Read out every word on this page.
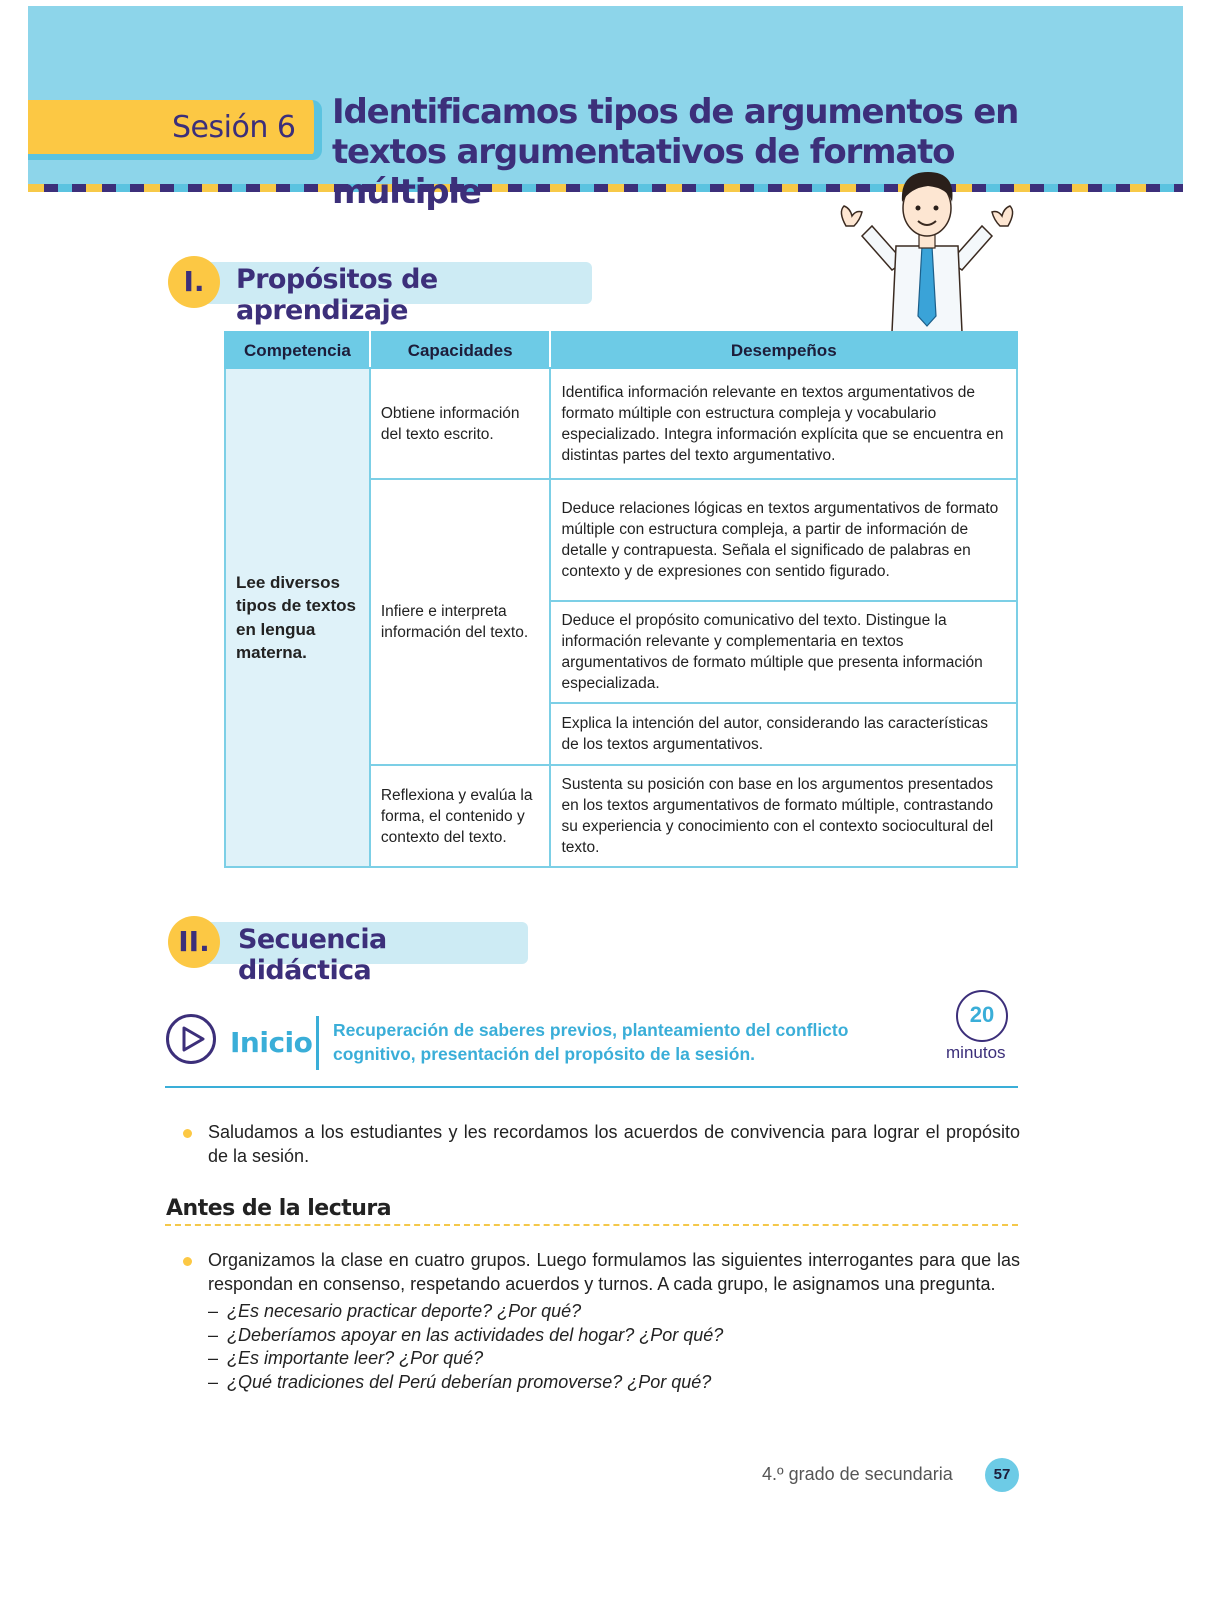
Sesión 6 Identificamos tipos de argumentos en textos argumentativos de formato múltiple
I.	Propósitos de aprendizaje
Competencia	Capacidades	Desempeños
Lee diversos tipos de textos en lengua materna.	Obtiene información del texto escrito.	Identifica información relevante en textos argumentativos de formato múltiple con estructura compleja y vocabulario especializado. Integra información explícita que se encuentra en distintas partes del texto argumentativo.
	Infiere e interpreta información del texto.	Deduce relaciones lógicas en textos argumentativos de formato múltiple con estructura compleja, a partir de información de detalle y contrapuesta. Señala el significado de palabras en contexto y de expresiones con sentido figurado.
		Deduce el propósito comunicativo del texto. Distingue la información relevante y complementaria en textos argumentativos de formato múltiple que presenta información especializada.
		Explica la intención del autor, considerando las características de los textos argumentativos.
	Reflexiona y evalúa la forma, el contenido y contexto del texto.	Sustenta su posición con base en los argumentos presentados en los textos argumentativos de formato múltiple, contrastando su experiencia y conocimiento con el contexto sociocultural del texto.
II.	Secuencia didáctica
Inicio Recuperación de saberes previos, planteamiento del conflicto cognitivo, presentación del propósito de la sesión.
20
minutos

Saludamos a los estudiantes y les recordamos los acuerdos de convivencia para lograr el propósito de la sesión.

Antes de la lectura

Organizamos la clase en cuatro grupos. Luego formulamos las siguientes interrogantes para que las respondan en consenso, respetando acuerdos y turnos. A cada grupo, le asignamos una pregunta.

– ¿Es necesario practicar deporte? ¿Por qué?
– ¿Deberíamos apoyar en las actividades del hogar? ¿Por qué?
– ¿Es importante leer? ¿Por qué?
– ¿Qué tradiciones del Perú deberían promoverse? ¿Por qué?
4.º grado de secundaria	57
